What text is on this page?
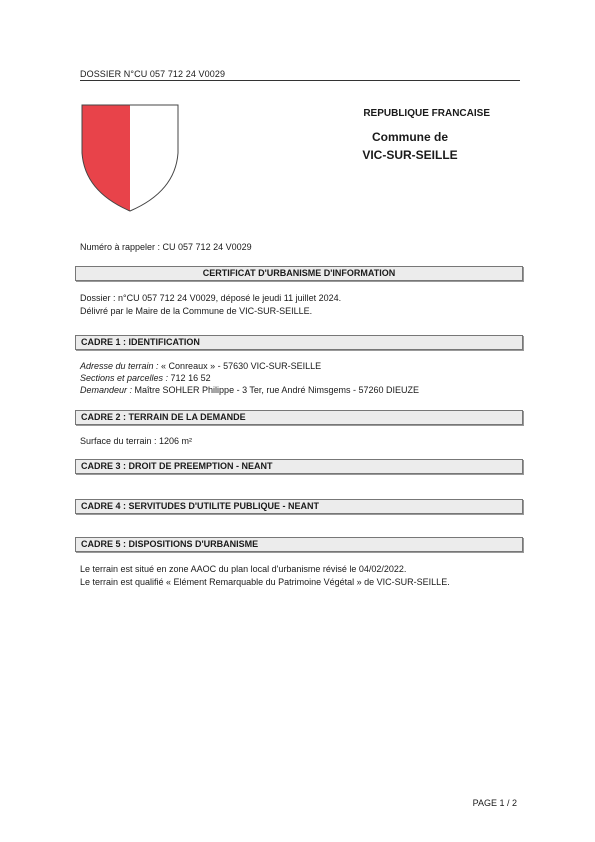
DOSSIER N°CU 057 712 24 V0029
REPUBLIQUE FRANCAISE
Commune de
VIC-SUR-SEILLE
Numéro à rappeler : CU 057 712 24 V0029
CERTIFICAT D'URBANISME D'INFORMATION
Dossier : n°CU 057 712 24 V0029, déposé le jeudi 11 juillet 2024.
Délivré par le Maire de la Commune de VIC-SUR-SEILLE.
CADRE 1 : IDENTIFICATION
Adresse du terrain : « Conreaux » - 57630 VIC-SUR-SEILLE
Sections et parcelles : 712 16 52
Demandeur : Maître SOHLER Philippe - 3 Ter, rue André Nimsgems - 57260 DIEUZE
CADRE 2 : TERRAIN DE LA DEMANDE
Surface du terrain : 1206 m²
CADRE 3 : DROIT DE PREEMPTION - NEANT
CADRE 4 : SERVITUDES D'UTILITE PUBLIQUE - NEANT
CADRE 5 : DISPOSITIONS D'URBANISME
Le terrain est situé en zone AAOC du plan local d'urbanisme révisé le 04/02/2022.
Le terrain est qualifié « Elément Remarquable du Patrimoine Végétal » de VIC-SUR-SEILLE.
PAGE 1 / 2
